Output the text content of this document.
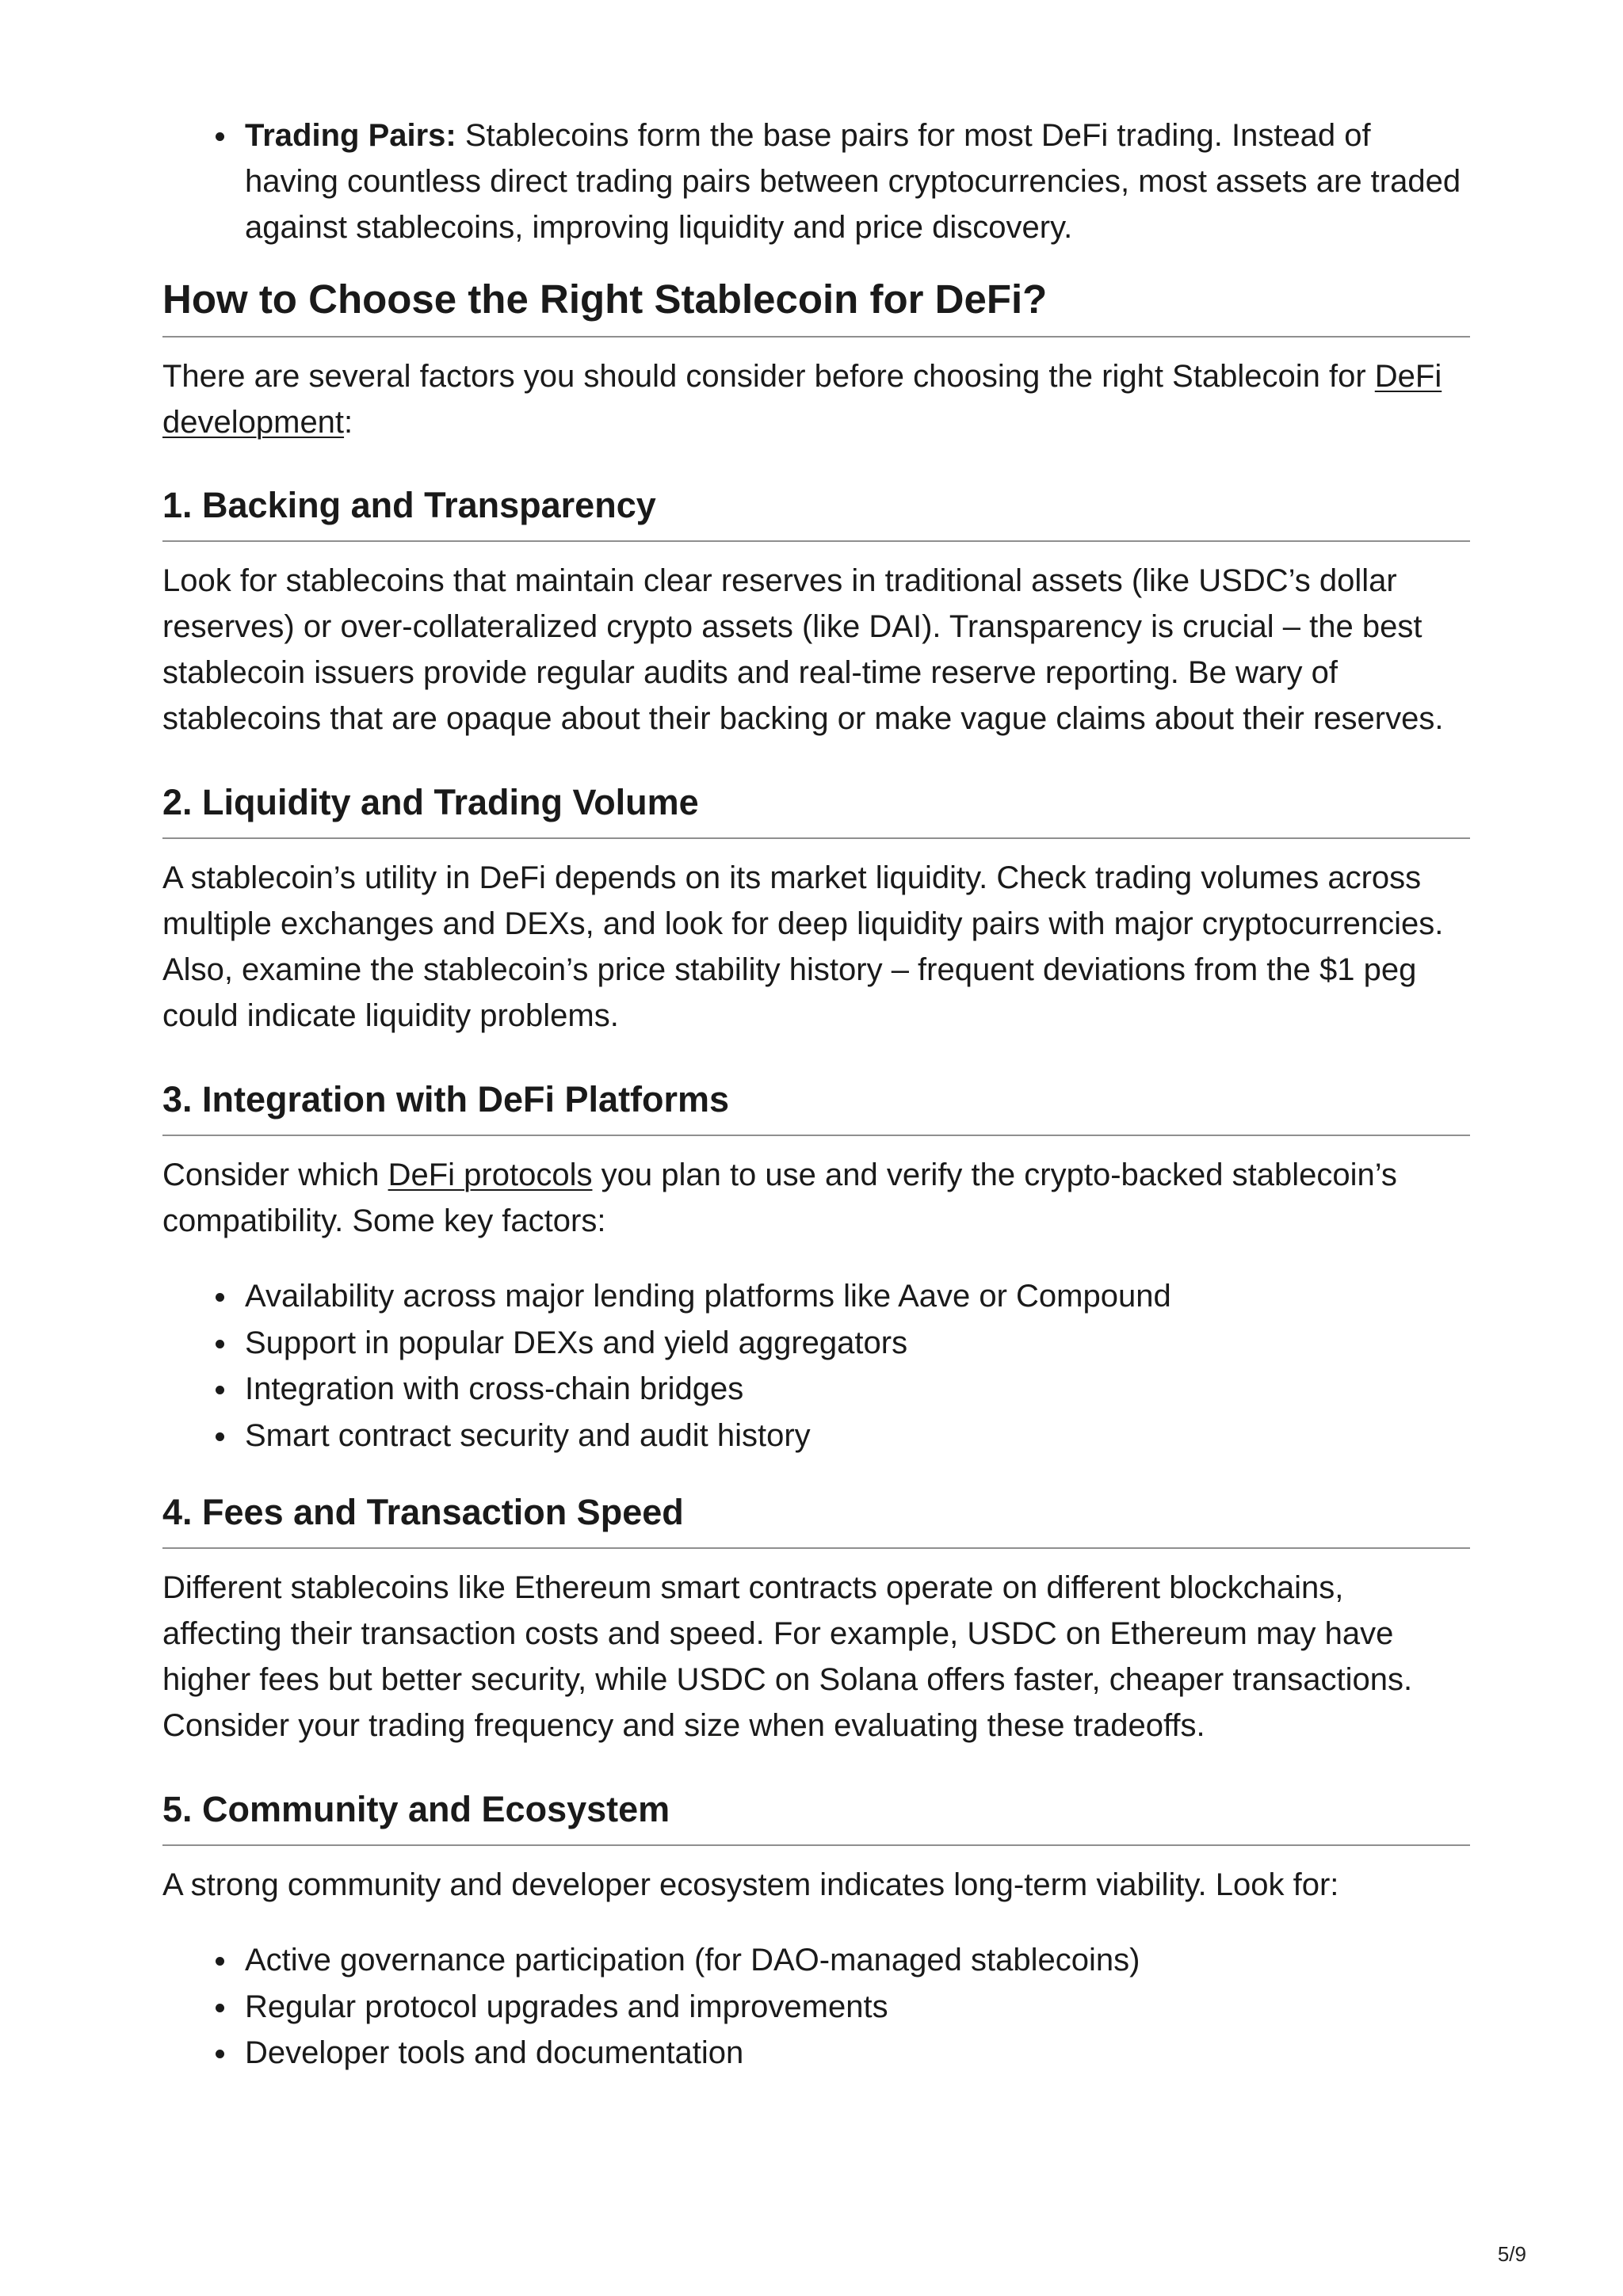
Trading Pairs: Stablecoins form the base pairs for most DeFi trading. Instead of having countless direct trading pairs between cryptocurrencies, most assets are traded against stablecoins, improving liquidity and price discovery.
How to Choose the Right Stablecoin for DeFi?

There are several factors you should consider before choosing the right Stablecoin for DeFi development:

1. Backing and Transparency

Look for stablecoins that maintain clear reserves in traditional assets (like USDC’s dollar reserves) or over-collateralized crypto assets (like DAI). Transparency is crucial – the best stablecoin issuers provide regular audits and real-time reserve reporting. Be wary of stablecoins that are opaque about their backing or make vague claims about their reserves.

2. Liquidity and Trading Volume

A stablecoin’s utility in DeFi depends on its market liquidity. Check trading volumes across multiple exchanges and DEXs, and look for deep liquidity pairs with major cryptocurrencies. Also, examine the stablecoin’s price stability history – frequent deviations from the $1 peg could indicate liquidity problems.

3. Integration with DeFi Platforms

Consider which DeFi protocols you plan to use and verify the crypto-backed stablecoin’s compatibility. Some key factors:

Availability across major lending platforms like Aave or Compound
Support in popular DEXs and yield aggregators
Integration with cross-chain bridges
Smart contract security and audit history
4. Fees and Transaction Speed

Different stablecoins like Ethereum smart contracts operate on different blockchains, affecting their transaction costs and speed. For example, USDC on Ethereum may have higher fees but better security, while USDC on Solana offers faster, cheaper transactions. Consider your trading frequency and size when evaluating these tradeoffs.

5. Community and Ecosystem

A strong community and developer ecosystem indicates long-term viability. Look for:

Active governance participation (for DAO-managed stablecoins)
Regular protocol upgrades and improvements
Developer tools and documentation
5/9
